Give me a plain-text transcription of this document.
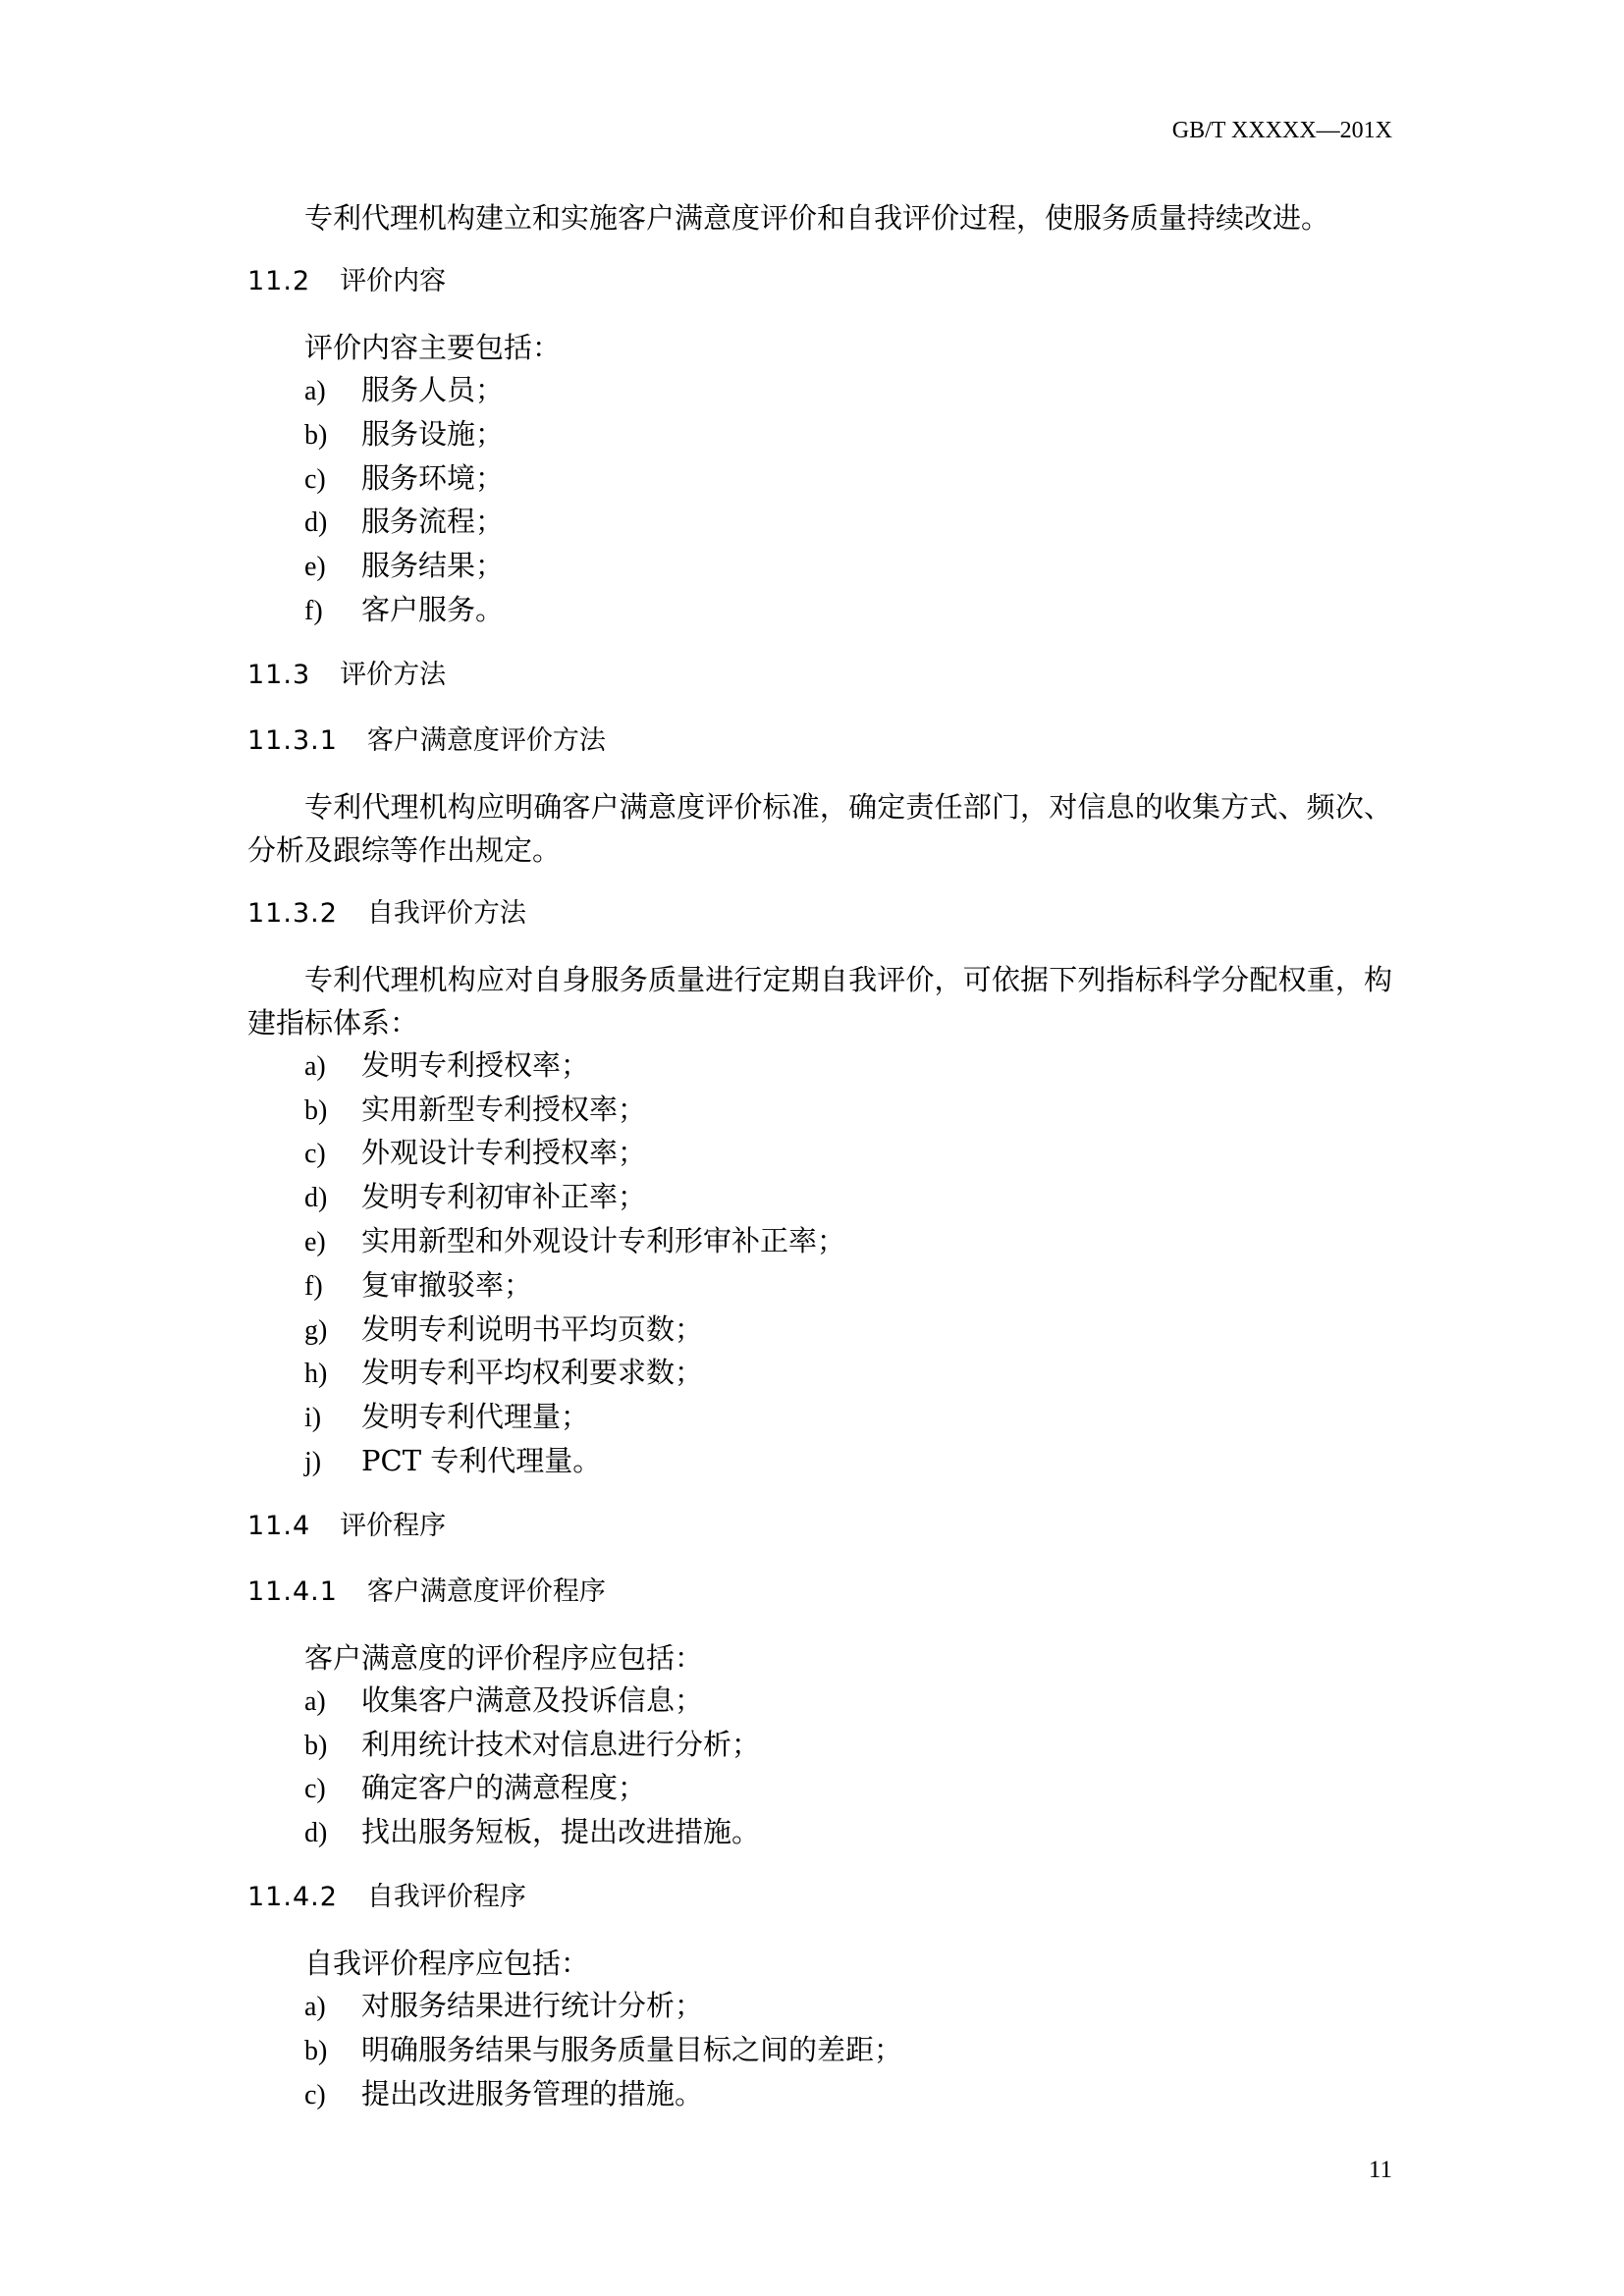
GB/T XXXXX—201X

专利代理机构建立和实施客户满意度评价和自我评价过程，使服务质量持续改进。

11.2 评价内容

评价内容主要包括：

a) 服务人员；
b) 服务设施；
c) 服务环境；
d) 服务流程；
e) 服务结果；
f) 客户服务。
11.3 评价方法
11.3.1 客户满意度评价方法

专利代理机构应明确客户满意度评价标准，确定责任部门，对信息的收集方式、频次、分析及跟综等作出规定。

11.3.2 自我评价方法

专利代理机构应对自身服务质量进行定期自我评价，可依据下列指标科学分配权重，构建指标体系：

a) 发明专利授权率；
b) 实用新型专利授权率；
c) 外观设计专利授权率；
d) 发明专利初审补正率；
e) 实用新型和外观设计专利形审补正率；
f) 复审撤驳率；
g) 发明专利说明书平均页数；
h) 发明专利平均权利要求数；
i) 发明专利代理量；
j) PCT 专利代理量。
11.4 评价程序
11.4.1 客户满意度评价程序

客户满意度的评价程序应包括：

a) 收集客户满意及投诉信息；
b) 利用统计技术对信息进行分析；
c) 确定客户的满意程度；
d) 找出服务短板，提出改进措施。
11.4.2 自我评价程序

自我评价程序应包括：

a) 对服务结果进行统计分析；
b) 明确服务结果与服务质量目标之间的差距；
c) 提出改进服务管理的措施。
11
